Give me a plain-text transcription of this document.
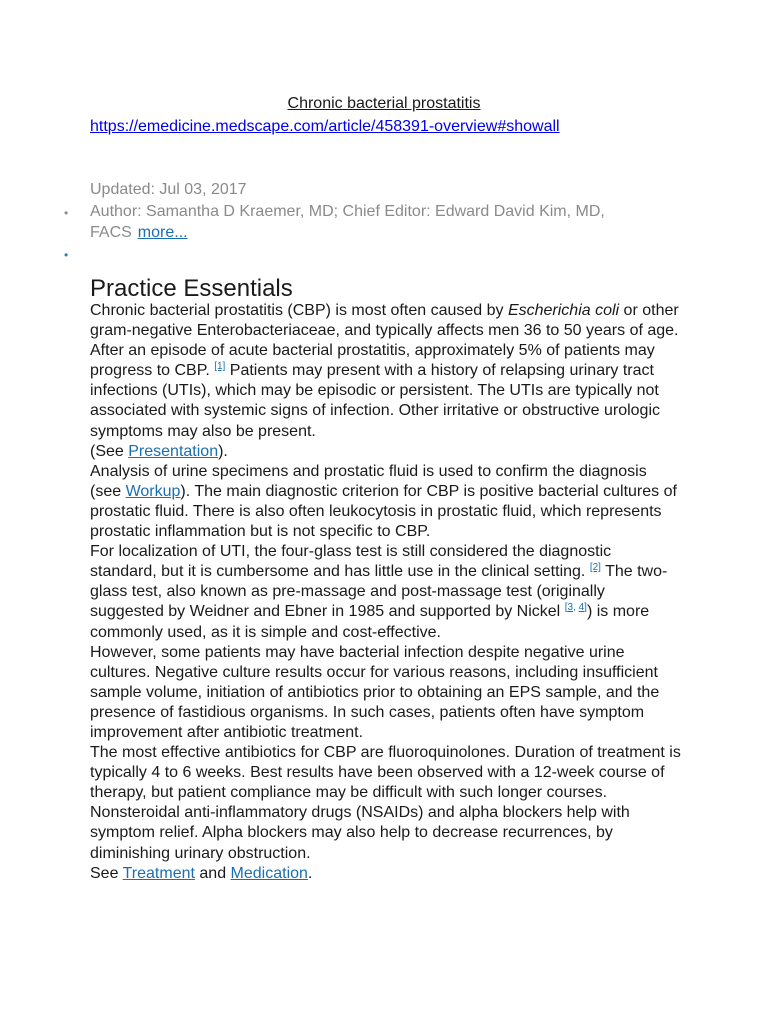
Chronic bacterial prostatitis
https://emedicine.medscape.com/article/458391-overview#showall
Updated: Jul 03, 2017
• Author: Samantha D Kraemer, MD; Chief Editor: Edward David Kim, MD, FACS more...
•
Practice Essentials

Chronic bacterial prostatitis (CBP) is most often caused by Escherichia coli or other gram-negative Enterobacteriaceae, and typically affects men 36 to 50 years of age. After an episode of acute bacterial prostatitis, approximately 5% of patients may progress to CBP. [1] Patients may present with a history of relapsing urinary tract infections (UTIs), which may be episodic or persistent. The UTIs are typically not associated with systemic signs of infection. Other irritative or obstructive urologic symptoms may also be present.

(See Presentation).

Analysis of urine specimens and prostatic fluid is used to confirm the diagnosis (see Workup). The main diagnostic criterion for CBP is positive bacterial cultures of prostatic fluid. There is also often leukocytosis in prostatic fluid, which represents prostatic inflammation but is not specific to CBP.

For localization of UTI, the four-glass test is still considered the diagnostic standard, but it is cumbersome and has little use in the clinical setting. [2] The two-glass test, also known as pre-massage and post-massage test (originally suggested by Weidner and Ebner in 1985 and supported by Nickel [3, 4]) is more commonly used, as it is simple and cost-effective.

However, some patients may have bacterial infection despite negative urine cultures. Negative culture results occur for various reasons, including insufficient sample volume, initiation of antibiotics prior to obtaining an EPS sample, and the presence of fastidious organisms. In such cases, patients often have symptom improvement after antibiotic treatment.

The most effective antibiotics for CBP are fluoroquinolones. Duration of treatment is typically 4 to 6 weeks. Best results have been observed with a 12-week course of therapy, but patient compliance may be difficult with such longer courses. Nonsteroidal anti-inflammatory drugs (NSAIDs) and alpha blockers help with symptom relief. Alpha blockers may also help to decrease recurrences, by diminishing urinary obstruction.

See Treatment and Medication.
